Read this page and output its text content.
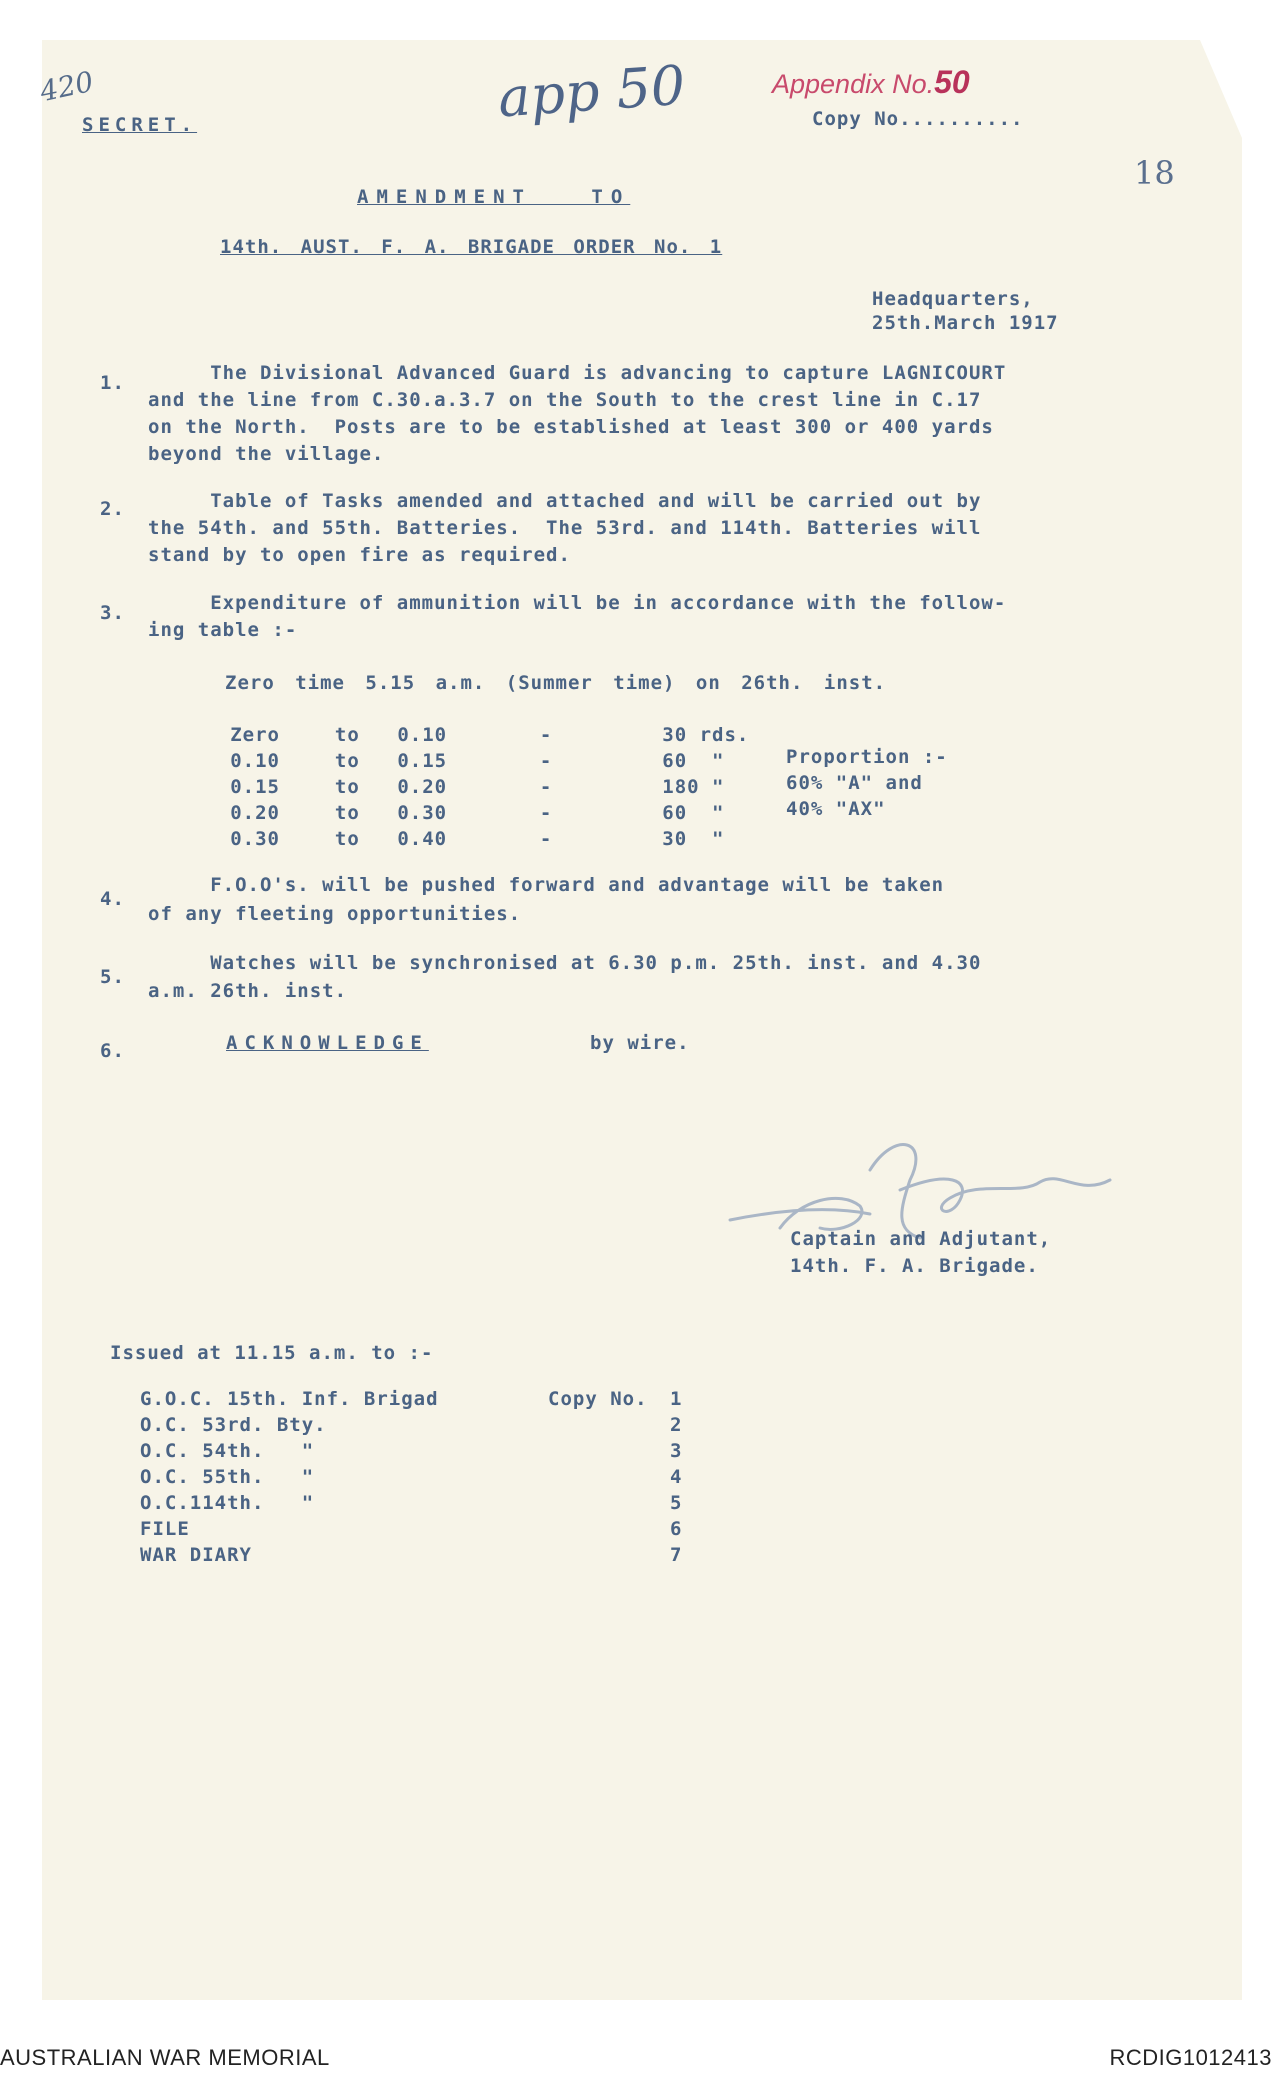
420	app 50
18
Appendix No.50
SECRET.	Copy No..........
AMENDMENT TO
14th. AUST. F. A. BRIGADE ORDER No. 1
Headquarters,
25th.March 1917
1. The Divisional Advanced Guard is advancing to capture LAGNICOURT
and the line from C.30.a.3.7 on the South to the crest line in C.17
on the North.  Posts are to be established at least 300 or 400 yards
beyond the village.
2. Table of Tasks amended and attached and will be carried out by
the 54th. and 55th. Batteries.  The 53rd. and 114th. Batteries will
stand by to open fire as required.
3. Expenditure of ammunition will be in accordance with the follow-
ing table :-
Zero time 5.15 a.m. (Summer time) on 26th. inst.
Zero	to 0.10	-	30 rds.
0.10	to 0.15	-	60  "
0.15	to 0.20	-	180 "
0.20	to 0.30	-	60  "
0.30	to 0.40	-	30  "
Proportion :-
60% "A" and
40% "AX"
4.
F.O.O's. will be pushed forward and advantage will be taken
of any fleeting opportunities.
5.
Watches will be synchronised at 6.30 p.m. 25th. inst. and 4.30
a.m. 26th. inst.
6.	ACKNOWLEDGE	by wire.
Captain and Adjutant,
14th. F. A. Brigade.
Issued at 11.15 a.m. to :-
G.O.C. 15th. Inf. Brigad	Copy No. 1
O.C. 53rd. Bty.	2
O.C. 54th.   "	3
O.C. 55th.   "	4
O.C.114th.   "	5
FILE	6
WAR DIARY	7
AUSTRALIAN WAR MEMORIAL	RCDIG1012413
